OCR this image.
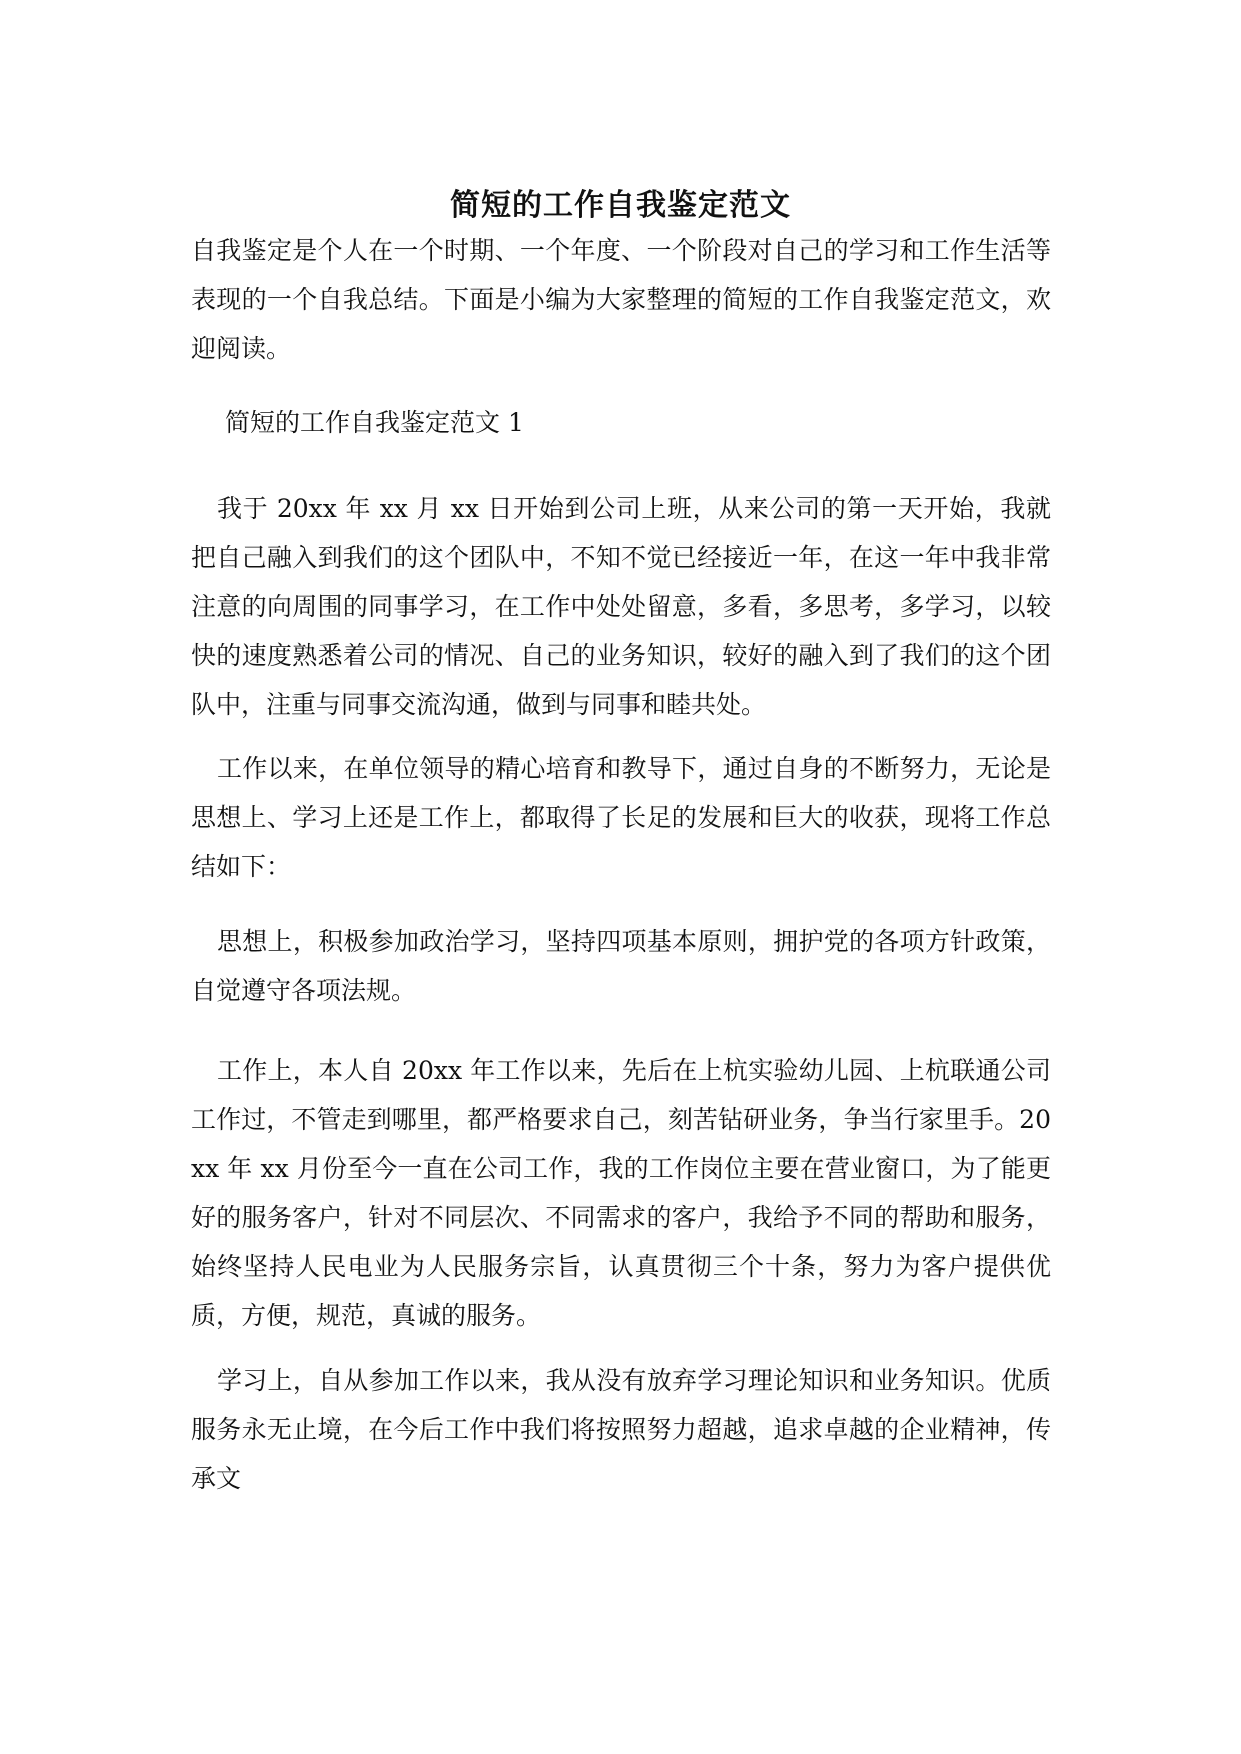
简短的工作自我鉴定范文
自我鉴定是个人在一个时期、一个年度、一个阶段对自己的学习和工作生活等表现的一个自我总结。下面是小编为大家整理的简短的工作自我鉴定范文，欢迎阅读。
简短的工作自我鉴定范文 1
我于 20xx 年 xx 月 xx 日开始到公司上班，从来公司的第一天开始，我就把自己融入到我们的这个团队中，不知不觉已经接近一年，在这一年中我非常注意的向周围的同事学习，在工作中处处留意，多看，多思考，多学习，以较快的速度熟悉着公司的情况、自己的业务知识，较好的融入到了我们的这个团队中，注重与同事交流沟通，做到与同事和睦共处。
工作以来，在单位领导的精心培育和教导下，通过自身的不断努力，无论是思想上、学习上还是工作上，都取得了长足的发展和巨大的收获，现将工作总结如下：
思想上，积极参加政治学习，坚持四项基本原则，拥护党的各项方针政策，自觉遵守各项法规。
工作上，本人自 20xx 年工作以来，先后在上杭实验幼儿园、上杭联通公司工作过，不管走到哪里，都严格要求自己，刻苦钻研业务，争当行家里手。20xx 年 xx 月份至今一直在公司工作，我的工作岗位主要在营业窗口，为了能更好的服务客户，针对不同层次、不同需求的客户，我给予不同的帮助和服务，始终坚持人民电业为人民服务宗旨，认真贯彻三个十条，努力为客户提供优质，方便，规范，真诚的服务。
学习上，自从参加工作以来，我从没有放弃学习理论知识和业务知识。优质服务永无止境，在今后工作中我们将按照努力超越，追求卓越的企业精神，传承文
